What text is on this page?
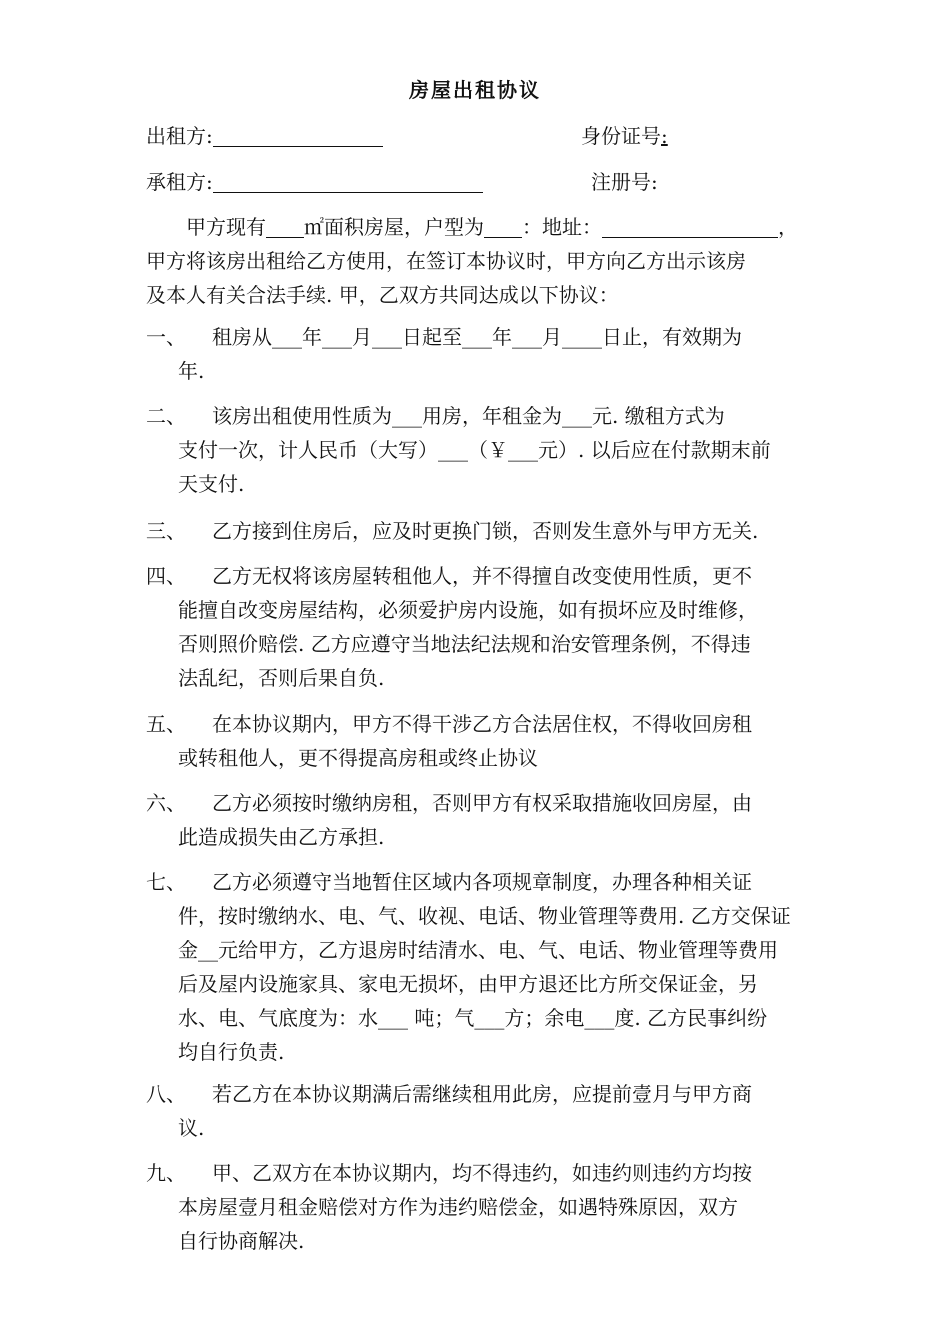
房屋出租协议
出租方:	身份证号:
承租方:	注册号:
甲方现有 ㎡面积房屋，户型为 ：地址：	，
甲方将该房出租给乙方使用，在签订本协议时，甲方向乙方出示该房
及本人有关合法手续. 甲，乙双方共同达成以下协议：
一、 租房从___年___月___日起至___年___月____日止，有效期为
年.
二、 该房出租使用性质为___用房，年租金为___元. 缴租方式为
支付一次，计人民币（大写）___（￥___元）. 以后应在付款期末前
天支付.
三、 乙方接到住房后，应及时更换门锁，否则发生意外与甲方无关.
四、 乙方无权将该房屋转租他人，并不得擅自改变使用性质，更不
能擅自改变房屋结构，必须爱护房内设施，如有损坏应及时维修，
否则照价赔偿. 乙方应遵守当地法纪法规和治安管理条例，不得违
法乱纪，否则后果自负.
五、 在本协议期内，甲方不得干涉乙方合法居住权，不得收回房租
或转租他人，更不得提高房租或终止协议
六、 乙方必须按时缴纳房租，否则甲方有权采取措施收回房屋，由
此造成损失由乙方承担.
七、 乙方必须遵守当地暂住区域内各项规章制度，办理各种相关证
件，按时缴纳水、电、气、收视、电话、物业管理等费用. 乙方交保证
金__元给甲方，乙方退房时结清水、电、气、电话、物业管理等费用
后及屋内设施家具、家电无损坏，由甲方退还比方所交保证金，另
水、电、气底度为：水___ 吨；气___方；余电___度. 乙方民事纠纷
均自行负责.
八、 若乙方在本协议期满后需继续租用此房，应提前壹月与甲方商
议.
九、 甲、乙双方在本协议期内，均不得违约，如违约则违约方均按
本房屋壹月租金赔偿对方作为违约赔偿金，如遇特殊原因，双方
自行协商解决.
